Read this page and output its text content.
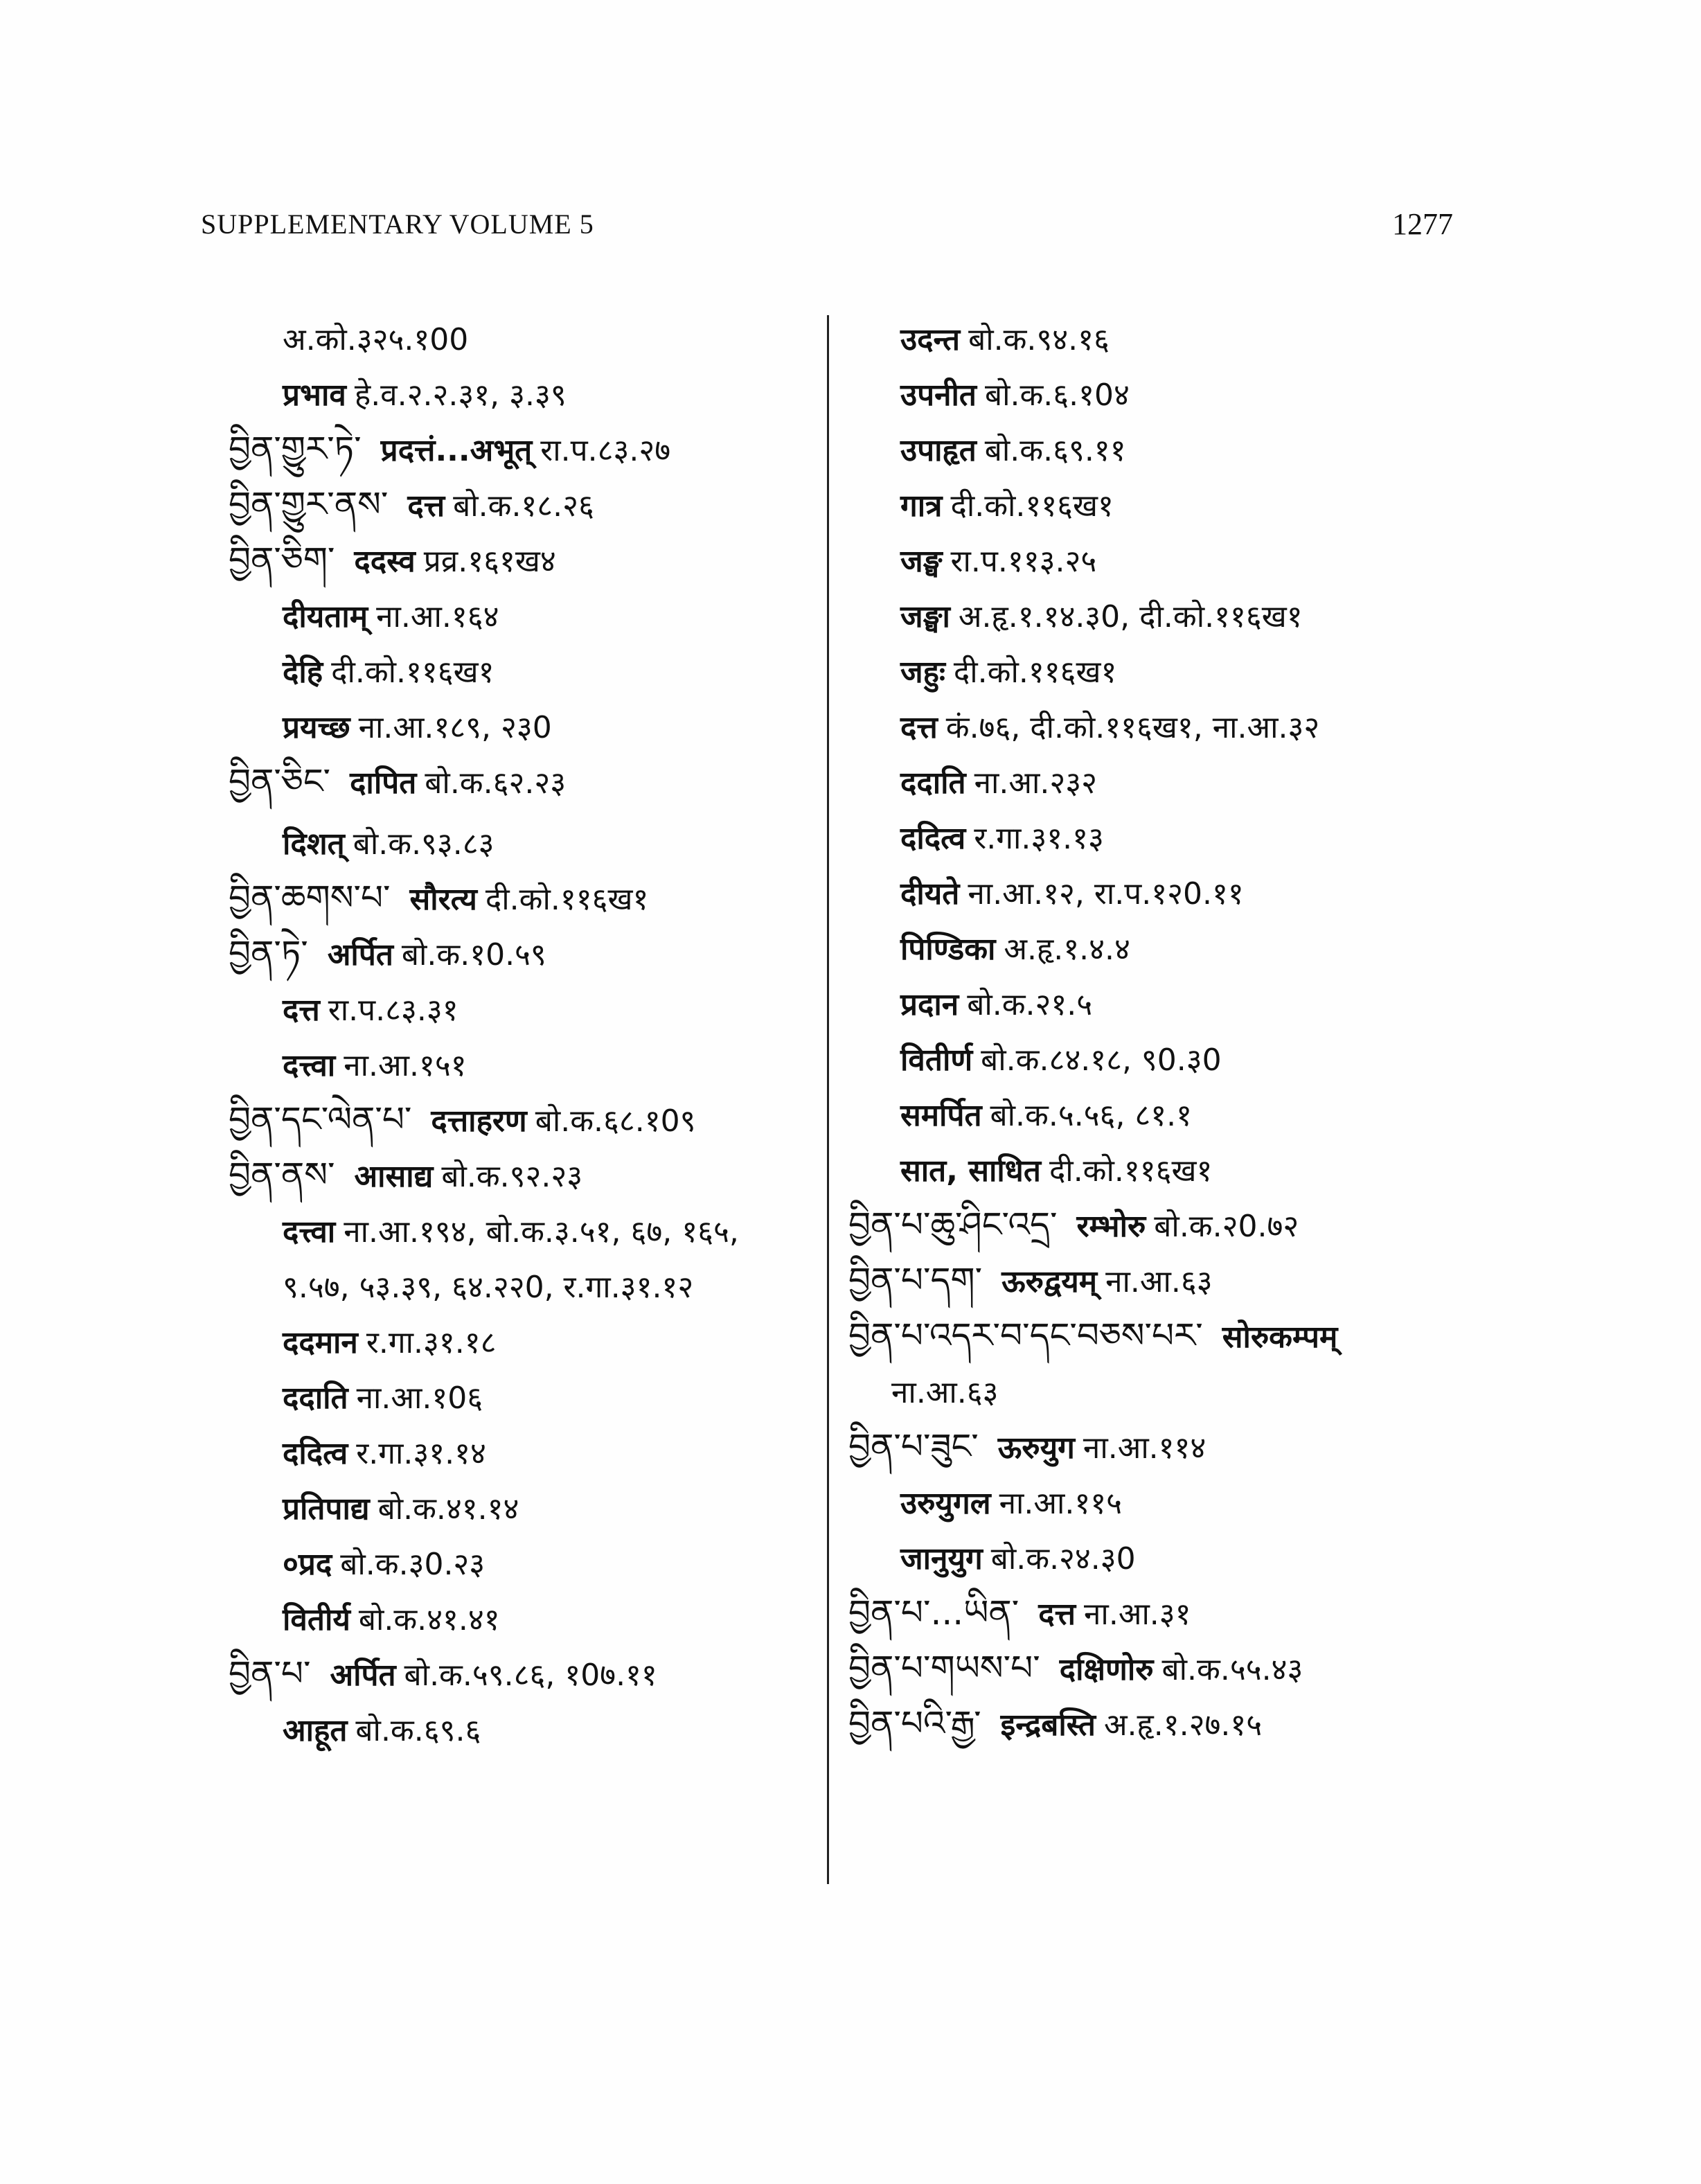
SUPPLEMENTARY VOLUME 5	1277
अ.को.३२५.१00
प्रभाव हे.व.२.२.३१, ३.३९
བྱིན་གྱུར་ཏེ་ प्रदत्तं...अभूत् रा.प.८३.२७
བྱིན་གྱུར་ནས་ दत्त बो.क.१८.२६
བྱིན་ཅིག་ ददस्व प्रव्र.१६१ख४
दीयताम् ना.आ.१६४
देहि दी.को.११६ख१
प्रयच्छ ना.आ.१८९, २३0
བྱིན་ཅིང་ दापित बो.क.६२.२३
दिशत् बो.क.९३.८३
བྱིན་ཆགས་པ་ सौरत्य दी.को.११६ख१
བྱིན་ཏེ་ अर्पित बो.क.१0.५९
दत्त रा.प.८३.३१
दत्त्वा ना.आ.१५१
བྱིན་དང་ལེན་པ་ दत्ताहरण बो.क.६८.१0९
བྱིན་ནས་ आसाद्य बो.क.९२.२३
दत्त्वा ना.आ.१९४, बो.क.३.५१, ६७, १६५,
९.५७, ५३.३९, ६४.२२0, र.गा.३१.१२
ददमान र.गा.३१.१८
ददाति ना.आ.१0६
ददित्व र.गा.३१.१४
प्रतिपाद्य बो.क.४१.१४
०प्रद बो.क.३0.२३
वितीर्य बो.क.४१.४१
བྱིན་པ་ अर्पित बो.क.५९.८६, १0७.११
आहूत बो.क.६९.६
उदन्त बो.क.९४.१६
उपनीत बो.क.६.१0४
उपाहृत बो.क.६९.११
गात्र दी.को.११६ख१
जङ्घ रा.प.११३.२५
जङ्घा अ.हृ.१.१४.३0, दी.को.११६ख१
जहुः दी.को.११६ख१
दत्त कं.७६, दी.को.११६ख१, ना.आ.३२
ददाति ना.आ.२३२
ददित्व र.गा.३१.१३
दीयते ना.आ.१२, रा.प.१२0.११
पिण्डिका अ.हृ.१.४.४
प्रदान बो.क.२१.५
वितीर्ण बो.क.८४.१८, ९0.३0
समर्पित बो.क.५.५६, ८१.१
सात, साधित दी.को.११६ख१
བྱིན་པ་ཆུ་ཤིང་འདྲ་ रम्भोरु बो.क.२0.७२
བྱིན་པ་དག་ ऊरुद्वयम् ना.आ.६३
བྱིན་པ་འདར་བ་དང་བཅས་པར་ सोरुकम्पम्
ना.आ.६३
བྱིན་པ་ཟུང་ ऊरुयुग ना.आ.११४
उरुयुगल ना.आ.११५
जानुयुग बो.क.२४.३0
བྱིན་པ་...ཡིན་ दत्त ना.आ.३१
བྱིན་པ་གཡས་པ་ दक्षिणोरु बो.क.५५.४३
བྱིན་པའི་རྒྱ་ इन्द्रबस्ति अ.हृ.१.२७.१५
